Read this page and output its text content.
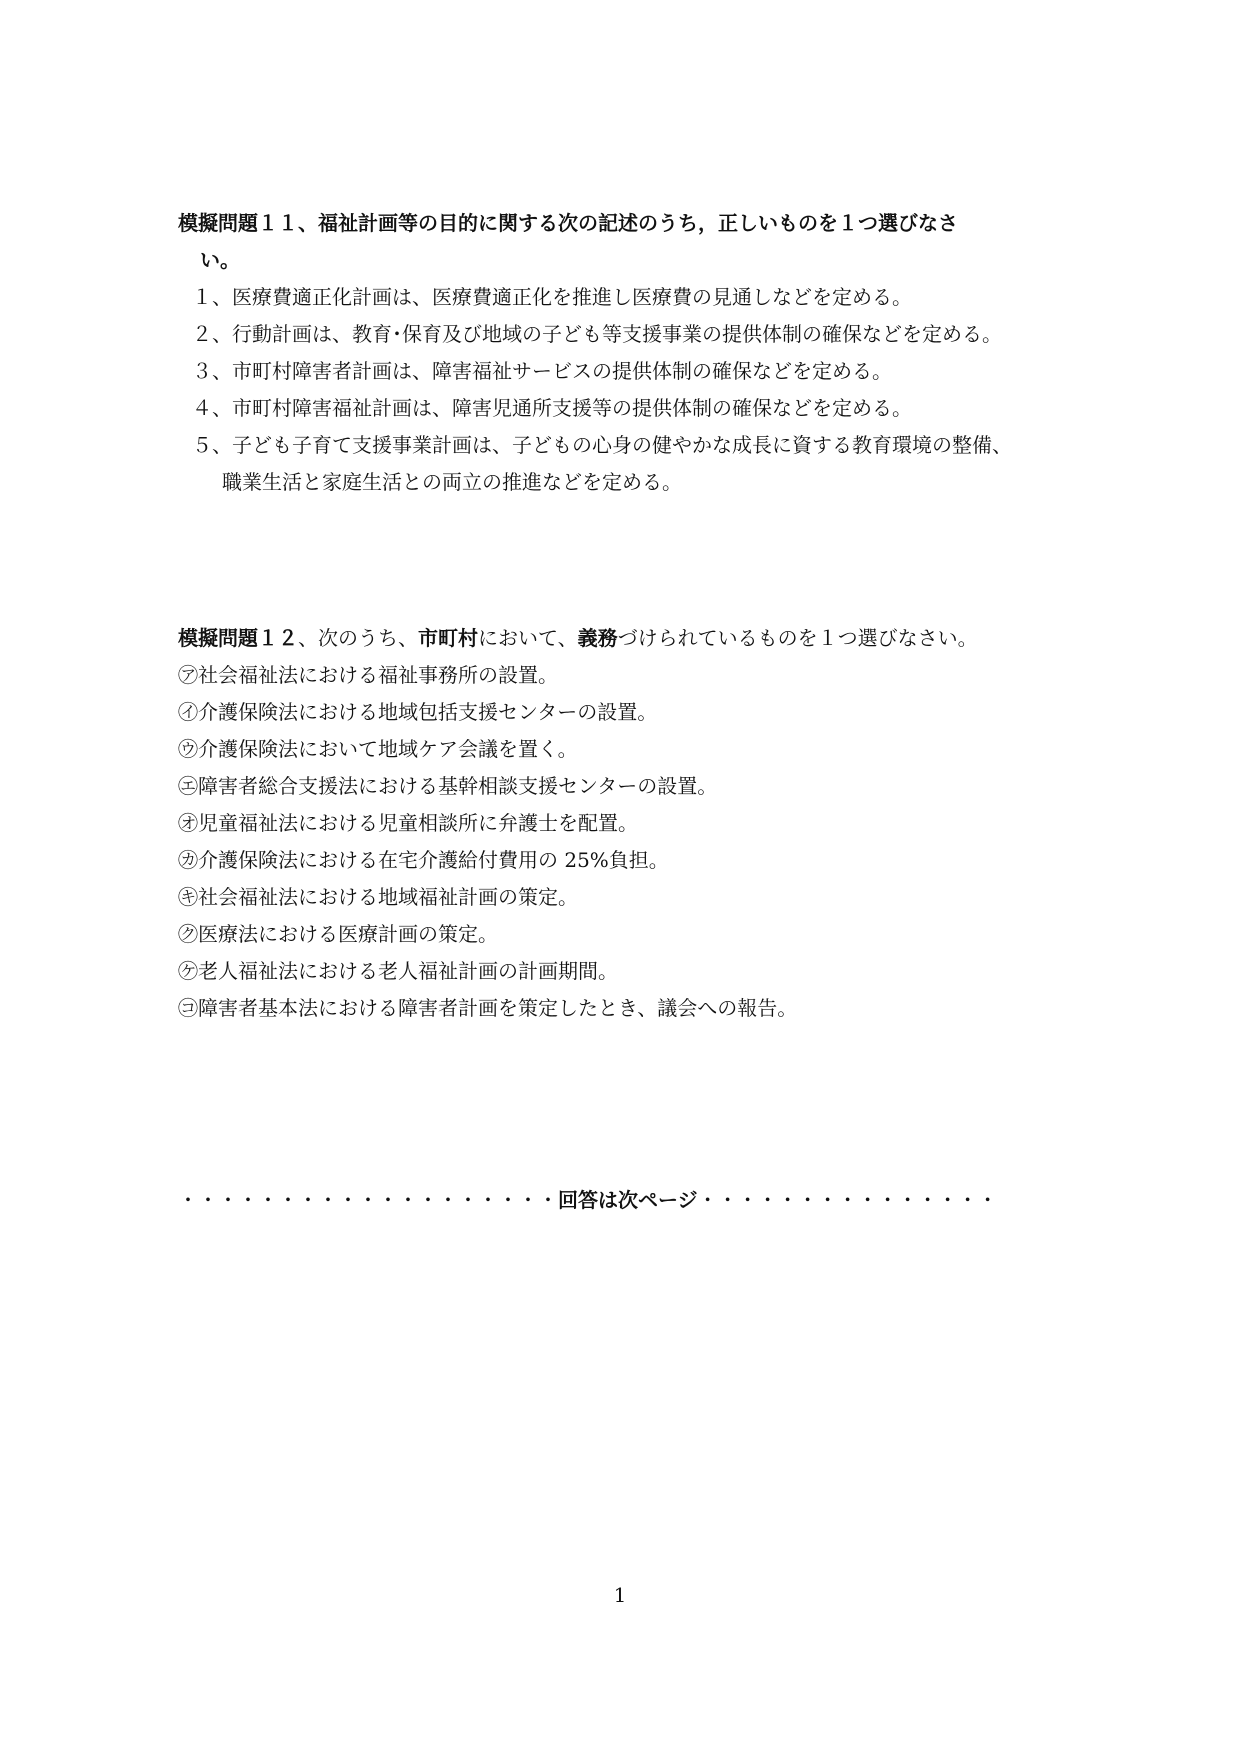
模擬問題１１、福祉計画等の目的に関する次の記述のうち，正しいものを１つ選びなさ
い。
１、医療費適正化計画は、医療費適正化を推進し医療費の見通しなどを定める。
２、行動計画は、教育･保育及び地域の子ども等支援事業の提供体制の確保などを定める。
３、市町村障害者計画は、障害福祉サービスの提供体制の確保などを定める。
４、市町村障害福祉計画は、障害児通所支援等の提供体制の確保などを定める。
５、子ども子育て支援事業計画は、子どもの心身の健やかな成長に資する教育環境の整備、
職業生活と家庭生活との両立の推進などを定める。
模擬問題１２、次のうち、市町村において、義務づけられているものを１つ選びなさい。
㋐社会福祉法における福祉事務所の設置。
㋑介護保険法における地域包括支援センターの設置。
㋒介護保険法において地域ケア会議を置く。
㋓障害者総合支援法における基幹相談支援センターの設置。
㋔児童福祉法における児童相談所に弁護士を配置。
㋕介護保険法における在宅介護給付費用の 25%負担。
㋖社会福祉法における地域福祉計画の策定。
㋗医療法における医療計画の策定。
㋘老人福祉法における老人福祉計画の計画期間。
㋙障害者基本法における障害者計画を策定したとき、議会への報告。
・・・・・・・・・・・・・・・・・・・回答は次ページ・・・・・・・・・・・・・・・
1
